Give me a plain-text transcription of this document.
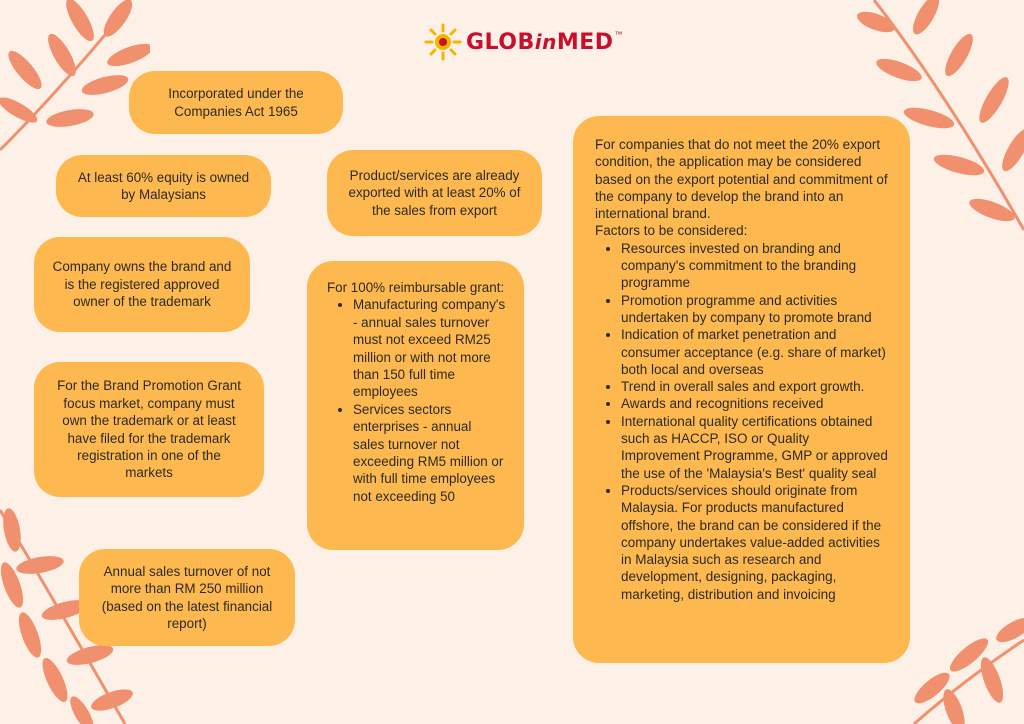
GLOBinMED ™
Incorporated under the Companies Act 1965
At least 60% equity is owned by Malaysians
Company owns the brand and is the registered approved owner of the trademark
For the Brand Promotion Grant focus market, company must own the trademark or at least have filed for the trademark registration in one of the markets
Annual sales turnover of not more than RM 250 million (based on the latest financial report)
Product/services are already exported with at least 20% of the sales from export
For 100% reimbursable grant:
• Manufacturing company's - annual sales turnover must not exceed RM25 million or with not more than 150 full time employees
• Services sectors enterprises - annual sales turnover not exceeding RM5 million or with full time employees not exceeding 50
For companies that do not meet the 20% export condition, the application may be considered based on the export potential and commitment of the company to develop the brand into an international brand.
Factors to be considered:
• Resources invested on branding and company's commitment to the branding programme
• Promotion programme and activities undertaken by company to promote brand
• Indication of market penetration and consumer acceptance (e.g. share of market) both local and overseas
• Trend in overall sales and export growth.
• Awards and recognitions received
• International quality certifications obtained such as HACCP, ISO or Quality Improvement Programme, GMP or approved the use of the 'Malaysia's Best' quality seal
• Products/services should originate from Malaysia. For products manufactured offshore, the brand can be considered if the company undertakes value-added activities in Malaysia such as research and development, designing, packaging, marketing, distribution and invoicing
